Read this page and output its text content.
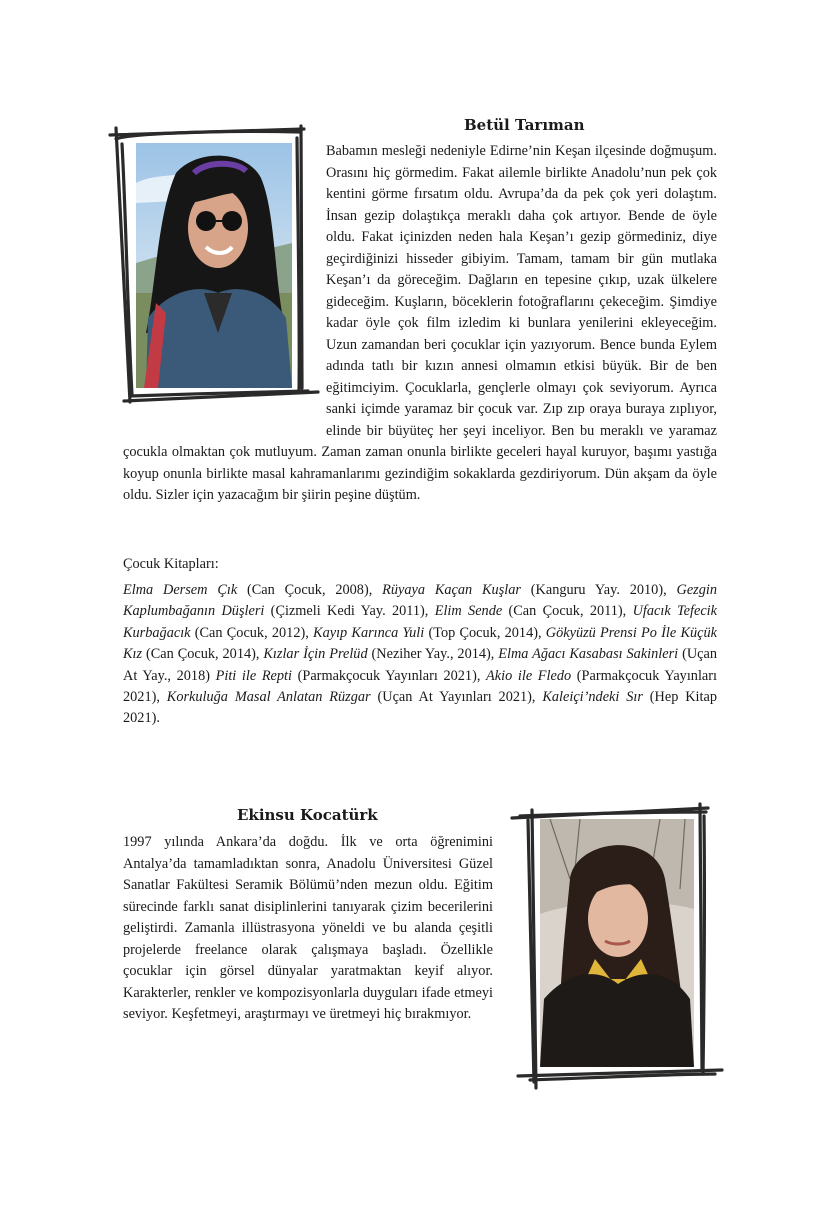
Betül Tarıman
Babamın mesleği nedeniyle Edirne’nin Keşan ilçesinde doğmuşum. Orasını hiç görmedim. Fakat ailemle birlikte Anadolu’nun pek çok kentini görme fırsatım oldu. Avrupa’da da pek çok yeri dolaştım. İnsan gezip dolaştıkça meraklı daha çok artıyor. Bende de öyle oldu. Fakat içinizden neden hala Keşan’ı gezip görmediniz, diye geçirdiğinizi hisseder gibiyim. Tamam, tamam bir gün mutlaka Keşan’ı da göreceğim. Dağların en tepesine çıkıp, uzak ülkelere gideceğim. Kuşların, böceklerin fotoğraflarını çekeceğim. Şimdiye kadar öyle çok film izledim ki bunlara yenilerini ekleyeceğim. Uzun zamandan beri çocuklar için yazıyorum. Bence bunda Eylem adında tatlı bir kızın annesi olmamın etkisi büyük. Bir de ben eğitimciyim. Çocuklarla, gençlerle olmayı çok seviyorum. Ayrıca sanki içimde yaramaz bir çocuk var. Zıp zıp oraya buraya zıplıyor, elinde bir büyüteç her şeyi inceliyor. Ben bu meraklı ve yaramaz çocukla olmaktan çok mutluyum. Zaman zaman onunla birlikte geceleri hayal kuruyor, başımı yastığa koyup onunla birlikte masal kahramanlarımı gezindiğim sokaklarda gezdiriyorum. Dün akşam da öyle oldu. Sizler için yazacağım bir şiirin peşine düştüm.

Çocuk Kitapları:

Elma Dersem Çık (Can Çocuk, 2008), Rüyaya Kaçan Kuşlar (Kanguru Yay. 2010), Gezgin Kaplumbağanın Düşleri (Çizmeli Kedi Yay. 2011), Elim Sende (Can Çocuk, 2011), Ufacık Tefecik Kurbağacık (Can Çocuk, 2012), Kayıp Karınca Yuli (Top Çocuk, 2014), Gökyüzü Prensi Po İle Küçük Kız (Can Çocuk, 2014), Kızlar İçin Prelüd (Neziher Yay., 2014), Elma Ağacı Kasabası Sakinleri (Uçan At Yay., 2018) Piti ile Repti (Parmakçocuk Yayınları 2021), Akio ile Fledo (Parmakçocuk Yayınları 2021), Korkuluğa Masal Anlatan Rüzgar (Uçan At Yayınları 2021), Kaleiçi’ndeki Sır (Hep Kitap 2021).

Ekinsu Kocatürk
1997 yılında Ankara’da doğdu. İlk ve orta öğrenimini Antalya’da tamamladıktan sonra, Anadolu Üniversitesi Güzel Sanatlar Fakültesi Seramik Bölümü’nden mezun oldu. Eğitim sürecinde farklı sanat disiplinlerini tanıyarak çizim becerilerini geliştirdi. Zamanla illüstrasyona yöneldi ve bu alanda çeşitli projelerde freelance olarak çalışmaya başladı. Özellikle çocuklar için görsel dünyalar yaratmaktan keyif alıyor. Karakterler, renkler ve kompozisyonlarla duyguları ifade etmeyi seviyor. Keşfetmeyi, araştırmayı ve üretmeyi hiç bırakmıyor.
